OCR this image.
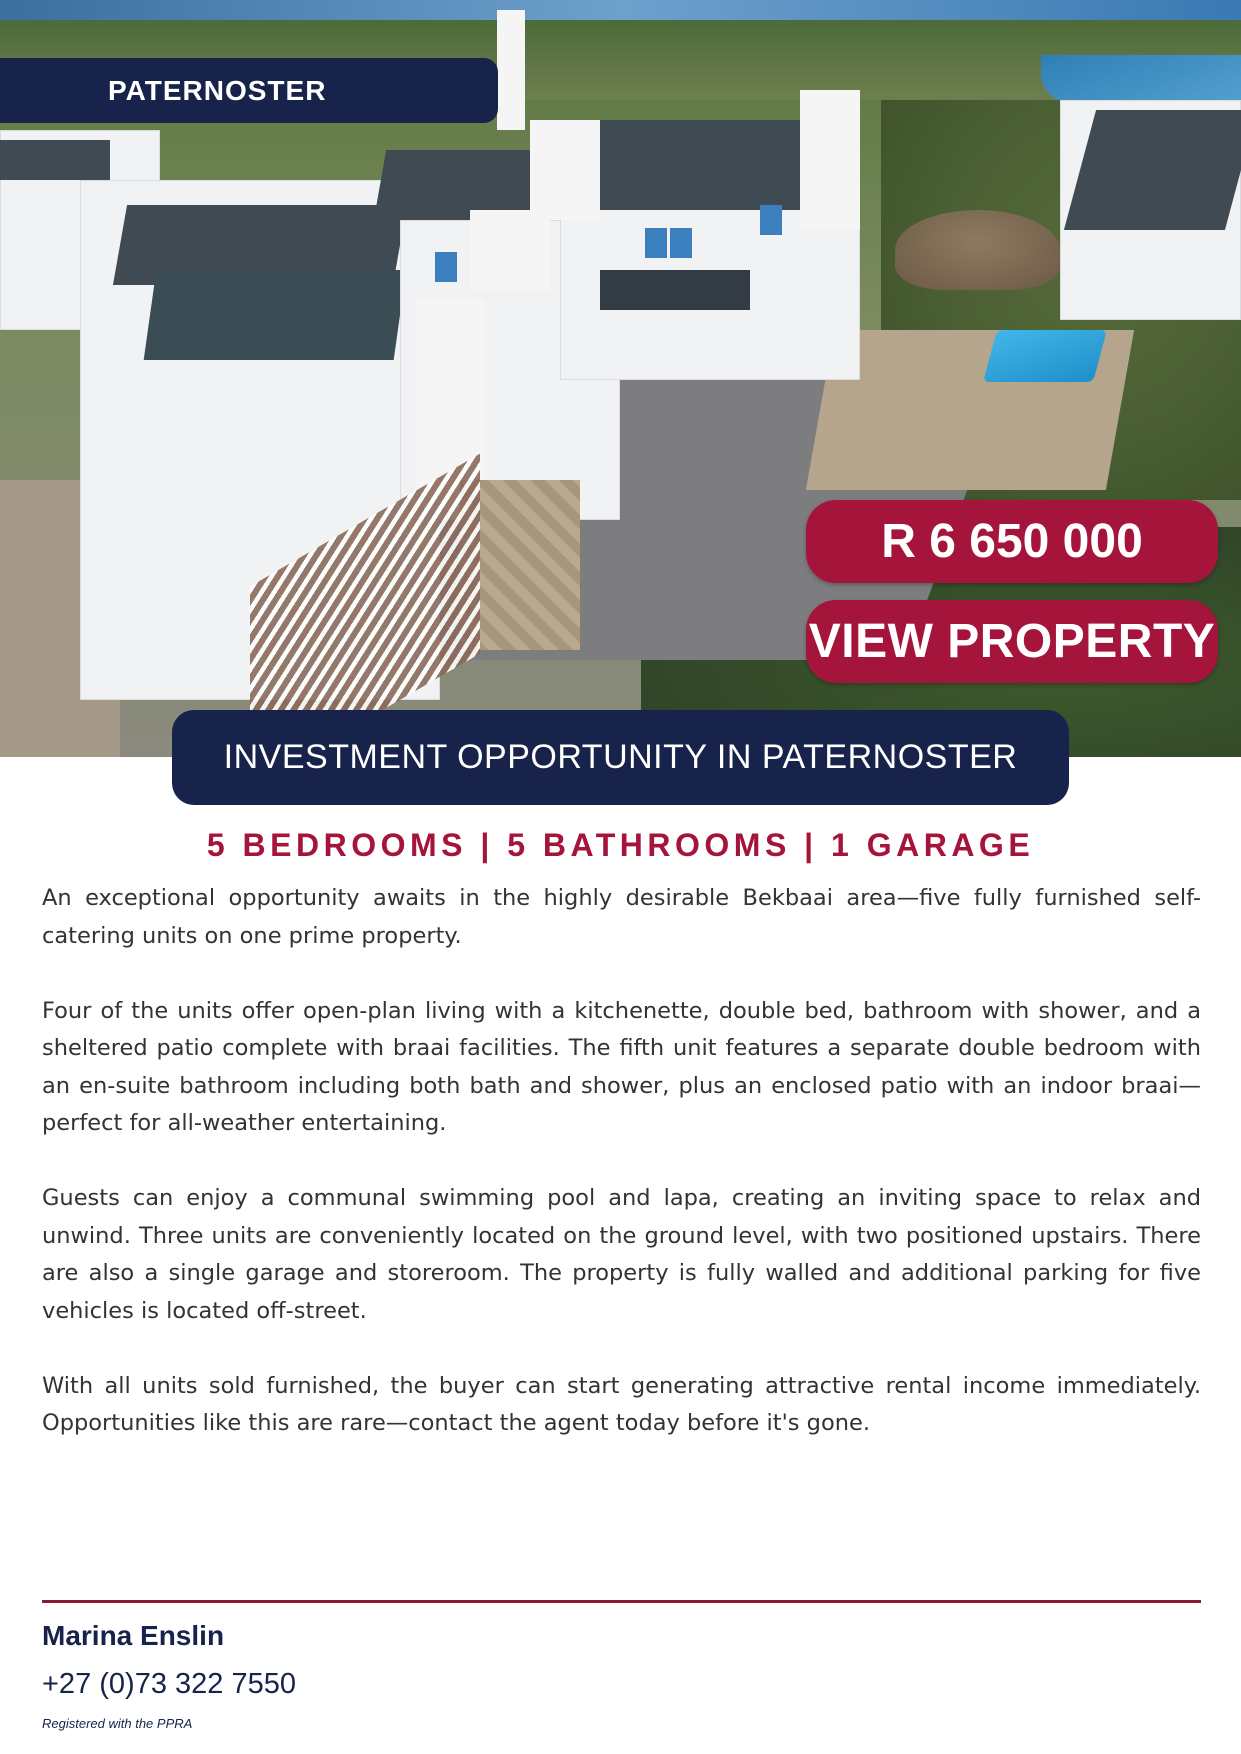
PATERNOSTER
R 6 650 000
VIEW PROPERTY
INVESTMENT OPPORTUNITY IN PATERNOSTER
5 BEDROOMS | 5 BATHROOMS | 1 GARAGE

An exceptional opportunity awaits in the highly desirable Bekbaai area—five fully furnished self-catering units on one prime property.

Four of the units offer open-plan living with a kitchenette, double bed, bathroom with shower, and a sheltered patio complete with braai facilities. The fifth unit features a separate double bedroom with an en-suite bathroom including both bath and shower, plus an enclosed patio with an indoor braai—perfect for all-weather entertaining.

Guests can enjoy a communal swimming pool and lapa, creating an inviting space to relax and unwind. Three units are conveniently located on the ground level, with two positioned upstairs. There are also a single garage and storeroom. The property is fully walled and additional parking for five vehicles is located off-street.

With all units sold furnished, the buyer can start generating attractive rental income immediately. Opportunities like this are rare—contact the agent today before it's gone.

Marina Enslin
+27 (0)73 322 7550
Registered with the PPRA
